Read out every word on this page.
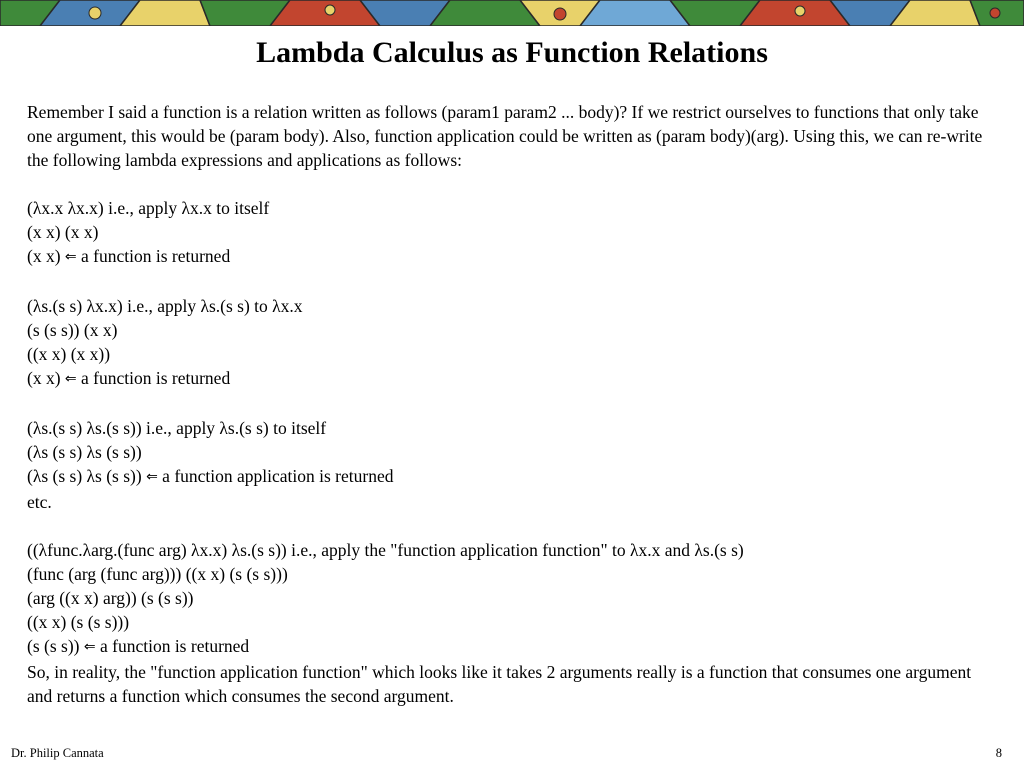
Lambda Calculus as Function Relations

Remember I said a function is a relation written as follows (param1 param2 ... body)? If we restrict ourselves to functions that only take one argument, this would be (param body). Also, function application could be written as (param body)(arg). Using this, we can re-write the following lambda expressions and applications as follows:

(λx.x λx.x) i.e., apply λx.x to itself
(x x) (x x)
(x x) ⇐ a function is returned
(λs.(s s) λx.x) i.e., apply λs.(s s) to λx.x
(s (s s)) (x x)
((x x) (x x))
(x x) ⇐ a function is returned
(λs.(s s) λs.(s s)) i.e., apply λs.(s s) to itself
(λs (s s) λs (s s))
(λs (s s) λs (s s)) ⇐ a function application is returned
etc.
((λfunc.λarg.(func arg) λx.x) λs.(s s)) i.e., apply the "function application function" to λx.x and λs.(s s)
(func (arg (func arg))) ((x x) (s (s s)))
(arg ((x x) arg)) (s (s s))
((x x) (s (s s)))
(s (s s)) ⇐ a function is returned

So, in reality, the "function application function" which looks like it takes 2 arguments really is a function that consumes one argument and returns a function which consumes the second argument.

Dr. Philip Cannata	8
